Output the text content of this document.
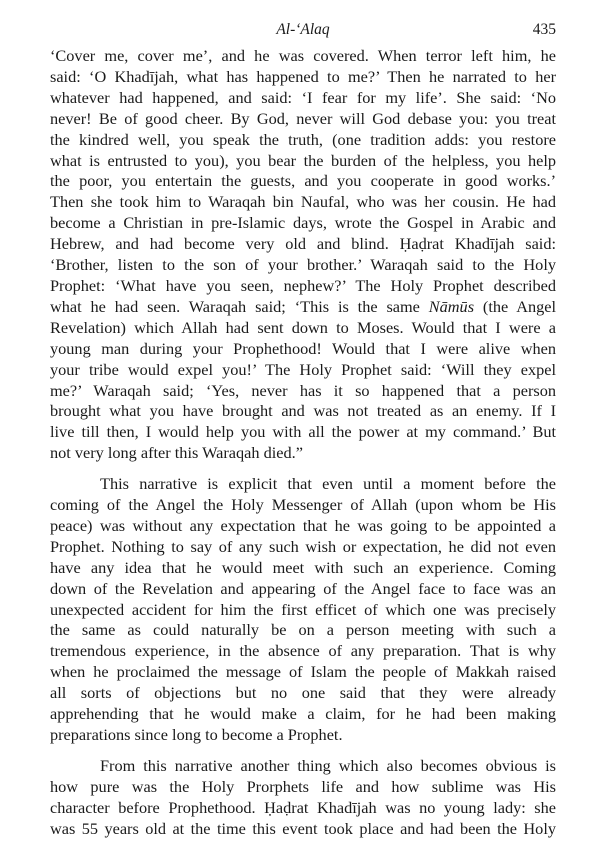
Al-‘Alaq	435

‘Cover me, cover me’, and he was covered. When terror left him, he
said: ‘O Khadījah, what has happened to me?’ Then he narrated to her
whatever had happened, and said: ‘I fear for my life’. She said: ‘No
never! Be of good cheer. By God, never will God debase you: you treat
the kindred well, you speak the truth, (one tradition adds: you restore
what is entrusted to you), you bear the burden of the helpless, you help
the poor, you entertain the guests, and you cooperate in good works.’
Then she took him to Waraqah bin Naufal, who was her cousin. He had
become a Christian in pre-Islamic days, wrote the Gospel in Arabic and
Hebrew, and had become very old and blind. Ḥaḍrat Khadījah said:
‘Brother, listen to the son of your brother.’ Waraqah said to the Holy
Prophet: ‘What have you seen, nephew?’ The Holy Prophet described
what he had seen. Waraqah said; ‘This is the same Nāmūs (the Angel
Revelation) which Allah had sent down to Moses. Would that I were a
young man during your Prophethood! Would that I were alive when
your tribe would expel you!’ The Holy Prophet said: ‘Will they expel
me?’ Waraqah said; ‘Yes, never has it so happened that a person
brought what you have brought and was not treated as an enemy. If I
live till then, I would help you with all the power at my command.’ But
not very long after this Waraqah died.”

This narrative is explicit that even until a moment before the
coming of the Angel the Holy Messenger of Allah (upon whom be His
peace) was without any expectation that he was going to be appointed a
Prophet. Nothing to say of any such wish or expectation, he did not even
have any idea that he would meet with such an experience. Coming
down of the Revelation and appearing of the Angel face to face was an
unexpected accident for him the first efficet of which one was precisely
the same as could naturally be on a person meeting with such a
tremendous experience, in the absence of any preparation. That is why
when he proclaimed the message of Islam the people of Makkah raised
all sorts of objections but no one said that they were already
apprehending that he would make a claim, for he had been making
preparations since long to become a Prophet.

From this narrative another thing which also becomes obvious is
how pure was the Holy Prorphets life and how sublime was His
character before Prophethood. Ḥaḍrat Khadījah was no young lady: she
was 55 years old at the time this event took place and had been the Holy
